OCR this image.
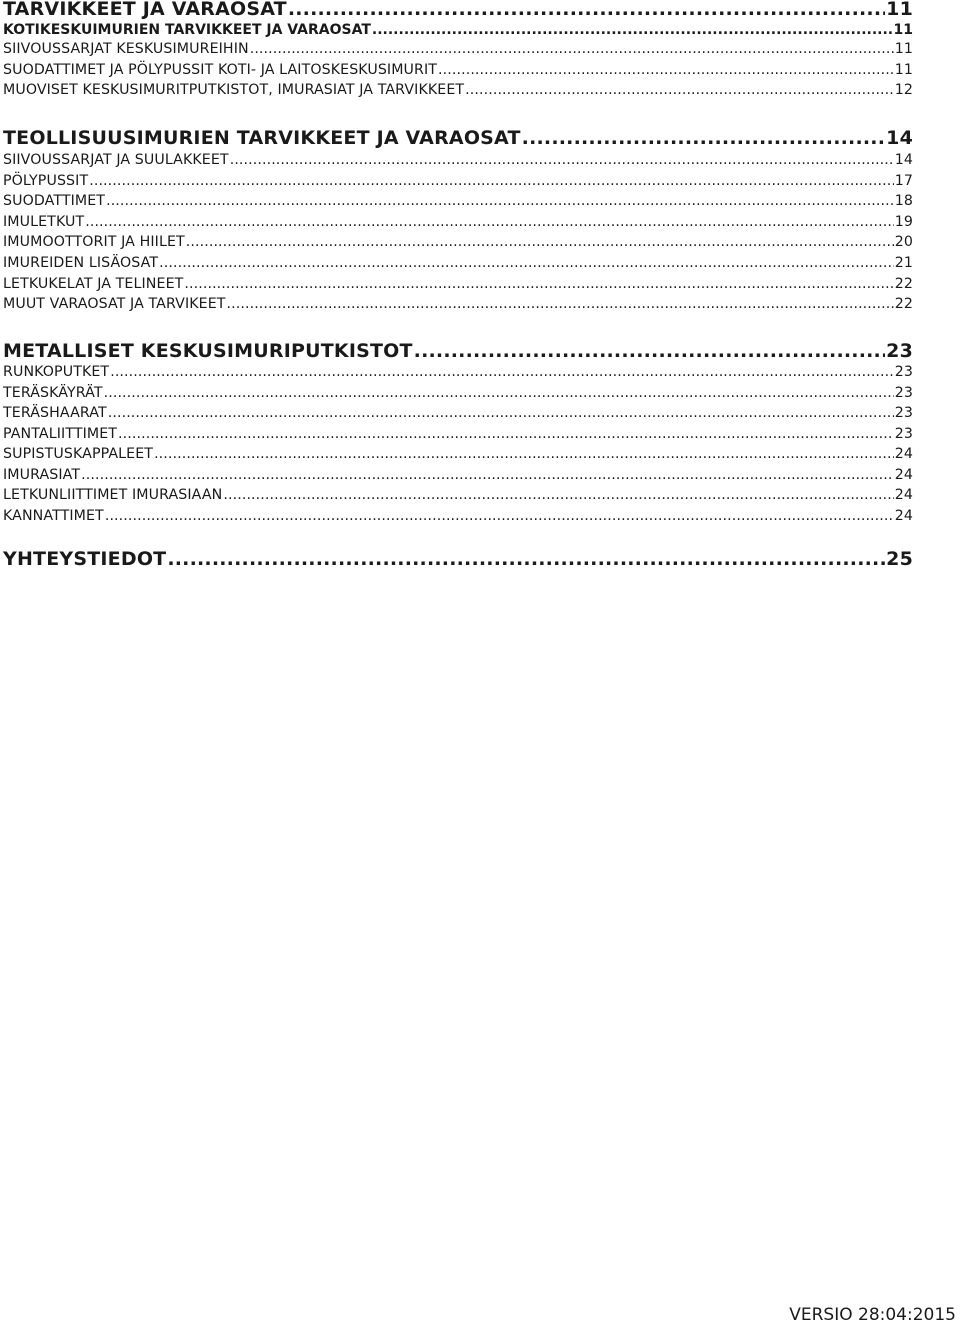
TARVIKKEET JA VARAOSAT .....	11
KOTIKESKUIMURIEN TARVIKKEET JA VARAOSAT .....	11
SIIVOUSSARJAT KESKUSIMUREIHIN .....	11
SUODATTIMET JA PÖLYPUSSIT KOTI- JA LAITOSKESKUSIMURIT .....	11
MUOVISET KESKUSIMURITPUTKISTOT, IMURASIAT JA TARVIKKEET .....	12
TEOLLISUUSIMURIEN TARVIKKEET JA VARAOSAT .....	14
SIIVOUSSARJAT JA SUULAKKEET .....	14
PÖLYPUSSIT .....	17
SUODATTIMET .....	18
IMULETKUT .....	19
IMUMOOTTORIT JA HIILET .....	20
IMUREIDEN LISÄOSAT .....	21
LETKUKELAT JA TELINEET .....	22
MUUT VARAOSAT JA TARVIKEET .....	22
METALLISET KESKUSIMURIPUTKISTOT .....	23
RUNKOPUTKET .....	23
TERÄSKÄYRÄT .....	23
TERÄSHAARAT .....	23
PANTALIITTIMET .....	23
SUPISTUSKAPPALEET .....	24
IMURASIAT .....	24
LETKUNLIITTIMET IMURASIAAN .....	24
KANNATTIMET .....	24
YHTEYSTIEDOT .....	25
VERSIO 28:04:2015
